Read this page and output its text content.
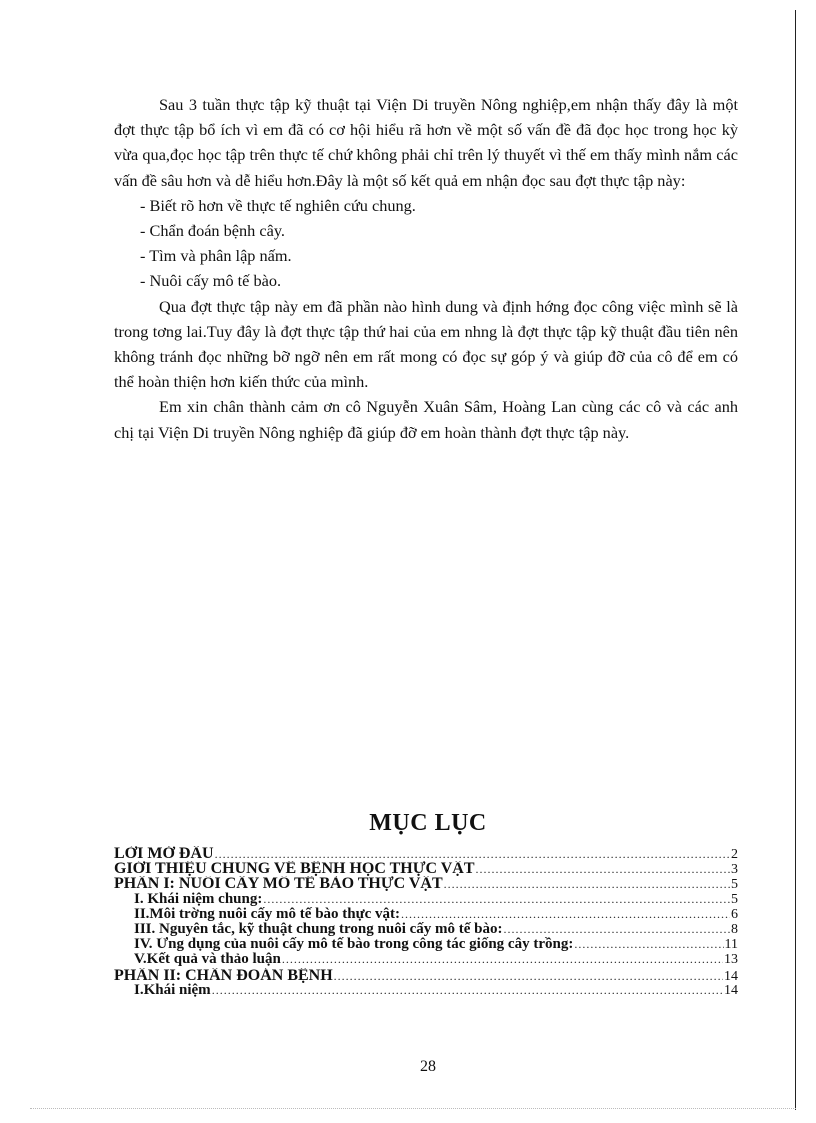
Sau 3 tuần thực tập kỹ thuật tại Viện Di truyền Nông nghiệp,em nhận thấy đây là một đợt thực tập bổ ích vì em đã có cơ hội hiểu rã hơn về một số vấn đề đã đọc học trong học kỳ vừa qua,đọc học tập trên thực tế chứ không phải chỉ trên lý thuyết vì thế em thấy mình nắm các vấn đề sâu hơn và dễ hiểu hơn.Đây là một số kết quả em nhận đọc sau đợt thực tập này:

- Biết rõ hơn về thực tế nghiên cứu chung.

- Chẩn đoán bệnh cây.

- Tìm và phân lập nấm.

- Nuôi cấy mô tế bào.

Qua đợt thực tập này em đã phần nào hình dung và định hớng đọc công việc mình sẽ là trong tơng lai.Tuy đây là đợt thực tập thứ hai của em nhng là đợt thực tập kỹ thuật đầu tiên nên không tránh đọc những bỡ ngỡ nên em rất mong có đọc sự góp ý và giúp đỡ của cô để em có thể hoàn thiện hơn kiến thức của mình.

Em xin chân thành cảm ơn cô Nguyễn Xuân Sâm, Hoàng Lan cùng các cô và các anh chị tại Viện Di truyền Nông nghiệp đã giúp đỡ em hoàn thành đợt thực tập này.

MỤC LỤC
LỜI MỞ ĐẦU .....	2
GIỚI THIỆU CHUNG VỀ BỆNH HỌC THỰC VẬT .....	3
PHẦN I: NUÔI CẤY MÔ TẾ BÀO THỰC VẬT .....	5
I. Khái niệm chung: .....	5
II.Môi trờng nuôi cấy mô tế bào thực vật: .....	6
III. Nguyên tắc, kỹ thuật chung trong nuôi cấy mô tế bào: .....	8
IV. Ứng dụng của nuôi cấy mô tế bào trong công tác giống cây trồng: .....	11
V.Kết quả và thảo luận .....	13
PHẦN II: CHẨN ĐOÁN BỆNH .....	14
I.Khái niệm .....	14
28
